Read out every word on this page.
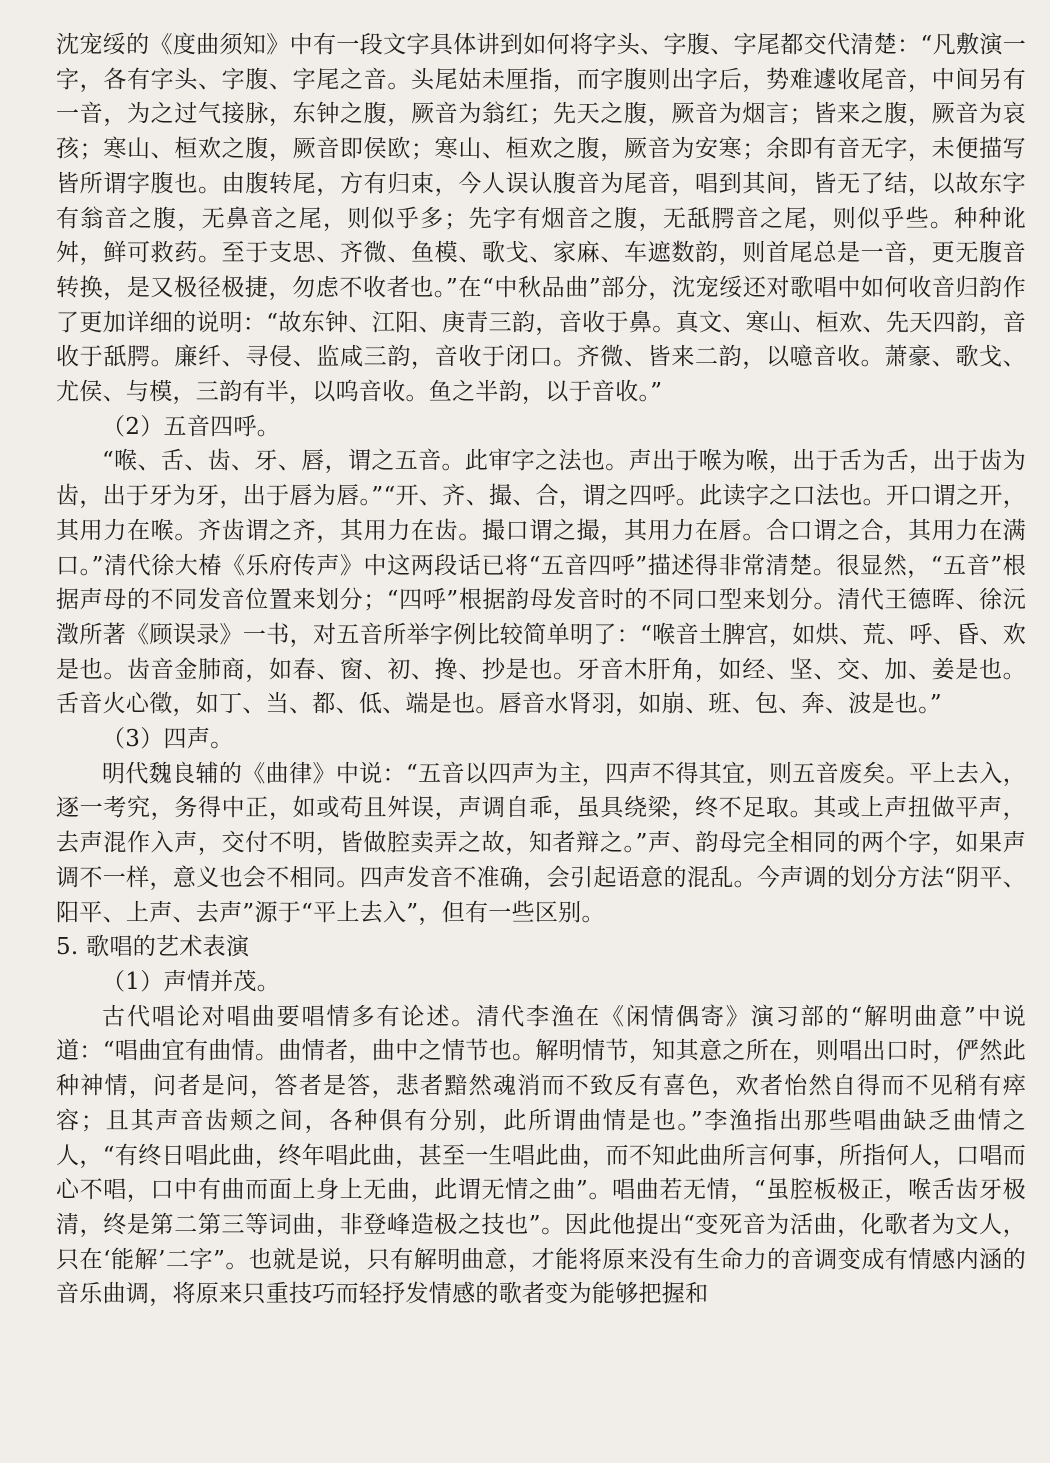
沈宠绥的《度曲须知》中有一段文字具体讲到如何将字头、字腹、字尾都交代清楚：“凡敷演一字，各有字头、字腹、字尾之音。头尾姑未厘指，而字腹则出字后，势难遽收尾音，中间另有一音，为之过气接脉，东钟之腹，厥音为翁红；先天之腹，厥音为烟言；皆来之腹，厥音为哀孩；寒山、桓欢之腹，厥音即侯欧；寒山、桓欢之腹，厥音为安寒；余即有音无字，未便描写皆所谓字腹也。由腹转尾，方有归束，今人误认腹音为尾音，唱到其间，皆无了结，以故东字有翁音之腹，无鼻音之尾，则似乎多；先字有烟音之腹，无舐腭音之尾，则似乎些。种种讹舛，鲜可救药。至于支思、齐微、鱼模、歌戈、家麻、车遮数韵，则首尾总是一音，更无腹音转换，是又极径极捷，勿虑不收者也。”在“中秋品曲”部分，沈宠绥还对歌唱中如何收音归韵作了更加详细的说明：“故东钟、江阳、庚青三韵，音收于鼻。真文、寒山、桓欢、先天四韵，音收于舐腭。廉纤、寻侵、监咸三韵，音收于闭口。齐微、皆来二韵，以噫音收。萧豪、歌戈、尤侯、与模，三韵有半，以呜音收。鱼之半韵，以于音收。”

（2）五音四呼。

“喉、舌、齿、牙、唇，谓之五音。此审字之法也。声出于喉为喉，出于舌为舌，出于齿为齿，出于牙为牙，出于唇为唇。”“开、齐、撮、合，谓之四呼。此读字之口法也。开口谓之开，其用力在喉。齐齿谓之齐，其用力在齿。撮口谓之撮，其用力在唇。合口谓之合，其用力在满口。”清代徐大椿《乐府传声》中这两段话已将“五音四呼”描述得非常清楚。很显然，“五音”根据声母的不同发音位置来划分；“四呼”根据韵母发音时的不同口型来划分。清代王德晖、徐沅澂所著《顾误录》一书，对五音所举字例比较简单明了：“喉音土脾宫，如烘、荒、呼、昏、欢是也。齿音金肺商，如春、窗、初、搀、抄是也。牙音木肝角，如经、坚、交、加、姜是也。舌音火心徵，如丁、当、都、低、端是也。唇音水肾羽，如崩、班、包、奔、波是也。”

（3）四声。

明代魏良辅的《曲律》中说：“五音以四声为主，四声不得其宜，则五音废矣。平上去入，逐一考究，务得中正，如或苟且舛误，声调自乖，虽具绕梁，终不足取。其或上声扭做平声，去声混作入声，交付不明，皆做腔卖弄之故，知者辩之。”声、韵母完全相同的两个字，如果声调不一样，意义也会不相同。四声发音不准确，会引起语意的混乱。今声调的划分方法“阴平、阳平、上声、去声”源于“平上去入”，但有一些区别。

5. 歌唱的艺术表演

（1）声情并茂。

古代唱论对唱曲要唱情多有论述。清代李渔在《闲情偶寄》演习部的“解明曲意”中说道：“唱曲宜有曲情。曲情者，曲中之情节也。解明情节，知其意之所在，则唱出口时，俨然此种神情，问者是问，答者是答，悲者黯然魂消而不致反有喜色，欢者怡然自得而不见稍有瘁容；且其声音齿颊之间，各种俱有分别，此所谓曲情是也。”李渔指出那些唱曲缺乏曲情之人，“有终日唱此曲，终年唱此曲，甚至一生唱此曲，而不知此曲所言何事，所指何人，口唱而心不唱，口中有曲而面上身上无曲，此谓无情之曲”。唱曲若无情，“虽腔板极正，喉舌齿牙极清，终是第二第三等词曲，非登峰造极之技也”。因此他提出“变死音为活曲，化歌者为文人，只在‘能解’二字”。也就是说，只有解明曲意，才能将原来没有生命力的音调变成有情感内涵的音乐曲调，将原来只重技巧而轻抒发情感的歌者变为能够把握和
